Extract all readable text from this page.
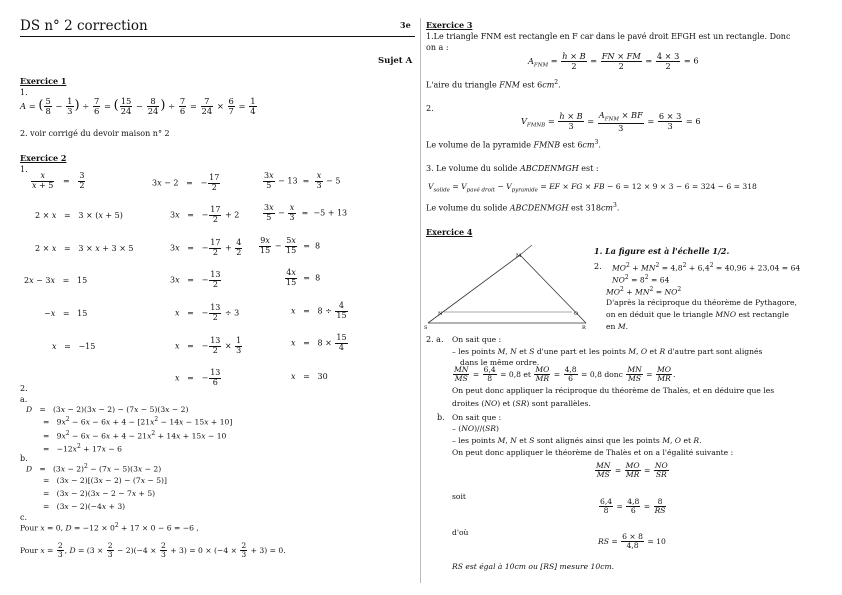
DS n° 2 correction	3e
Sujet A
Exercice 1
1.
A = ( $\frac{5}{8} - \frac{1}{3}$ ) ÷ $\frac{7}{6}$ = ( $\frac{15}{24} - \frac{8}{24}$ ) ÷ $\frac{7}{6} = \frac{7}{24} \times \frac{6}{7} = \frac{1}{4}$
2. voir corrigé du devoir maison n° 2
Exercice 2
1.
$\frac{x}{x + 5} = \frac{3}{2}$
2 × x   =   3 × (x + 5)
2 × x   =   3 × x + 3 × 5
2x − 3x   =   15
−x   =   15
x   =   −15
3x − 2   =   − $\frac{17}{2}$
3x   =   − $\frac{17}{2} + 2$
3x   =   − $\frac{17}{2} + \frac{4}{2}$
3x   =   − $\frac{13}{2}$
x   =   − $\frac{13}{2} \div 3$
x   =   − $\frac{13}{2} \times \frac{1}{3}$
x   =   − $\frac{13}{6}$
$\frac{3x}{5} - 13 = \frac{x}{3} - 5$
$\frac{3x}{5} - \frac{x}{3} = -5 + 13$
$\frac{9x}{15} - \frac{5x}{15} = 8$
$\frac{4x}{15} = 8$
$x = 8 \div \frac{4}{15}$
$x = 8 \times \frac{15}{4}$
x   =   30
2.
a.
D   =   (3x − 2)(3x − 2) − (7x − 5)(3x − 2)
=   $9x^2 - 6x - 6x + 4 - [21x^2 - 14x - 15x + 10]$
=   $9x^2 - 6x - 6x + 4 - 21x^2 + 14x + 15x - 10$
=   $-12x^2 + 17x - 6$
b.
$D = (3x - 2)^2 - (7x - 5)(3x - 2)$
=   (3x − 2)[(3x − 2) − (7x − 5)]
=   (3x − 2)(3x − 2 − 7x + 5)
=   (3x − 2)(−4x + 3)
c.
Pour x = 0, $D = -12 \times 0^2 + 17 \times 0 - 6 = -6$ ,
Pour $x = \frac{2}{3}$ , $D = (3 \times \frac{2}{3} - 2)(-4 \times \frac{2}{3} + 3) = 0 \times (-4 \times \frac{2}{3} + 3) = 0$.
Exercice 3
1.Le triangle FNM est rectangle en F car dans le pavé droit EFGH est un rectangle. Donc
on a :
$A_{FNM} = \frac{h \times B}{2} = \frac{FN \times FM}{2} = \frac{4 \times 3}{2} = 6$
L'aire du triangle FNM est $6cm^2$.
2.
$V_{FMNB} = \frac{h \times B}{3} = \frac{A_{FNM} \times BF}{3} = \frac{6 \times 3}{3} = 6$
Le volume de la pyramide FMNB est $6cm^3$.
3. Le volume du solide ABCDENMGH est :
$V_{solide} = V_{pavé droit} - V_{pyramide}$ = EF × FG × FB − 6 = 12 × 9 × 3 − 6 = 324 − 6 = 318
Le volume du solide ABCDENMGH est $318cm^3$.
Exercice 4
M
N	O
S	R
1. La figure est à l'échelle 1/2.
2. $MO^2 + MN^2 = 4,8^2 + 6,4^2 = 40,96 + 23,04 = 64$
$NO^2 = 8^2 = 64$
$MO^2 + MN^2 = NO^2$
D'après la réciproque du théorème de Pythagore,
on en déduit que le triangle MNO est rectangle
en M.
2. a. On sait que :
– les points M, N et S d'une part et les points M, O et R d'autre part sont alignés
dans le même ordre.
$\frac{MN}{MS} = \frac{6,4}{8} = 0,8$ et $\frac{MO}{MR} = \frac{4,8}{6} = 0,8$ donc $\frac{MN}{MS} = \frac{MO}{MR}$ .
On peut donc appliquer la réciproque du théorème de Thalès, et en déduire que les
droites (NO) et (SR) sont parallèles.
b. On sait que :
– (NO)//(SR)
– les points M, N et S sont alignés ainsi que les points M, O et R.
On peut donc appliquer le théorème de Thalès et on a l'égalité suivante :
$\frac{MN}{MS} = \frac{MO}{MR} = \frac{NO}{SR}$
soit
$\frac{6,4}{8} = \frac{4,8}{6} = \frac{8}{RS}$
d'où
RS = $\frac{6 \times 8}{4,8} = 10$
RS est égal à 10cm ou [RS] mesure 10cm.
